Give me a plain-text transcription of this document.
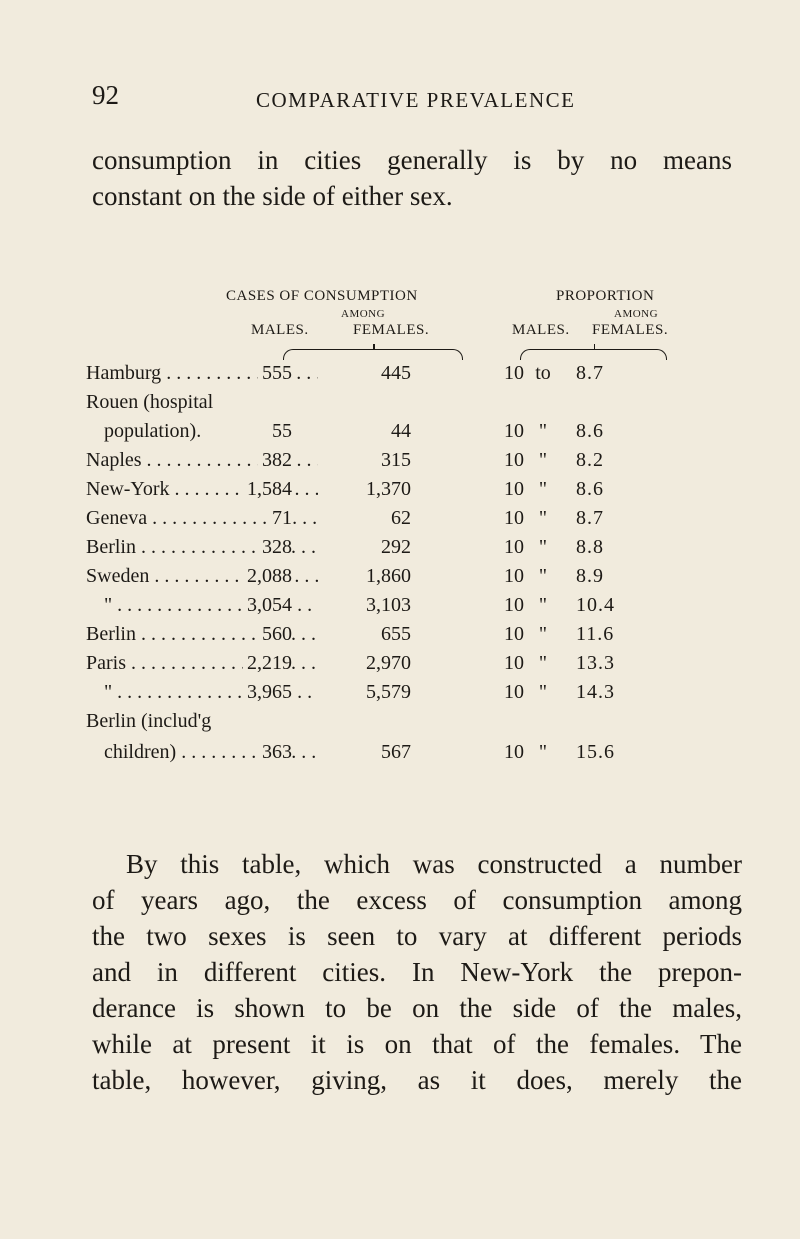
92	COMPARATIVE PREVALENCE

consumption in cities generally is by no means
constant on the side of either sex.

CASES OF CONSUMPTION
AMONG
PROPORTION
AMONG
MALES.	FEMALES.	MALES. FEMALES.
Hamburg . . .	555	445	10 to	8.7
Rouen (hospital
population).	55	44	10 "	8.6
Naples . . .	382	315	10 "	8.2
New-York . . .	1,584	1,370	10 "	8.6
Geneva . . .	71	62	10 "	8.7
Berlin . . .	328	292	10 "	8.8
Sweden . . .	2,088	1,860	10 "	8.9
" . . .	3,054	3,103	10 "	10.4
Berlin . . .	560	655	10 "	11.6
Paris . . .	2,219	2,970	10 "	13.3
" . . .	3,965	5,579	10 "	14.3
Berlin (includ'g
children) . . .	363	567	10 "	15.6

By this table, which was constructed a number
of years ago, the excess of consumption among
the two sexes is seen to vary at different periods
and in different cities. In New-York the prepon-
derance is shown to be on the side of the males,
while at present it is on that of the females. The
table, however, giving, as it does, merely the
